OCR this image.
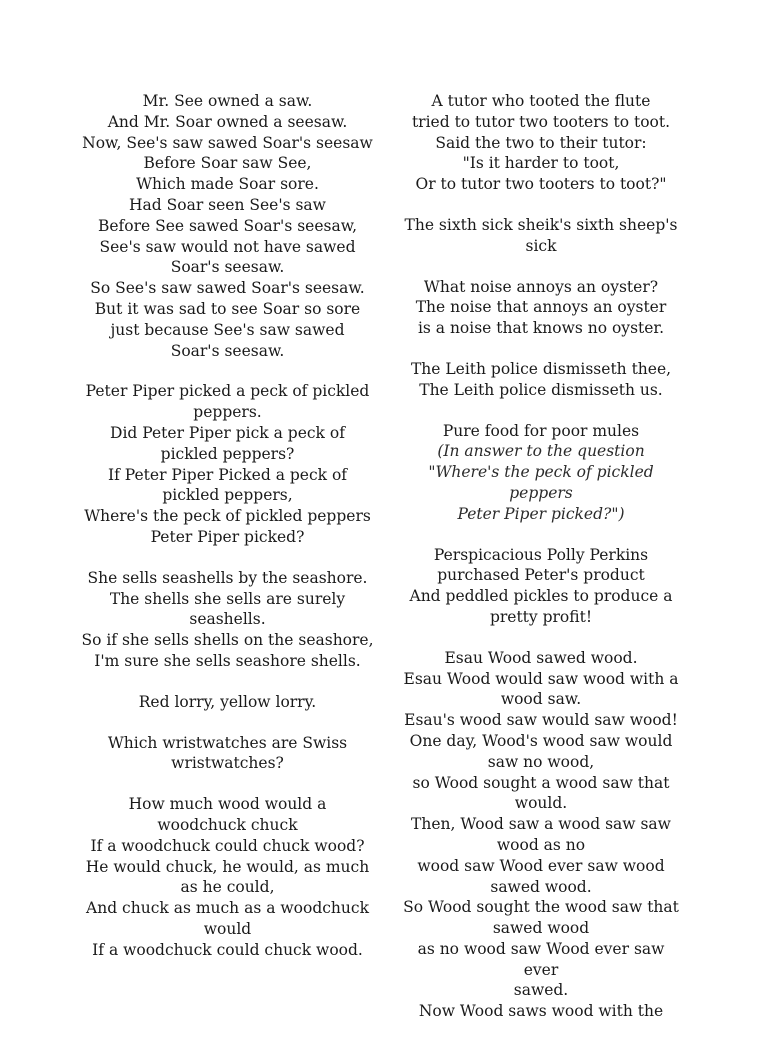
Mr. See owned a saw.
And Mr. Soar owned a seesaw.
Now, See's saw sawed Soar's seesaw
Before Soar saw See,
Which made Soar sore.
Had Soar seen See's saw
Before See sawed Soar's seesaw,
See's saw would not have sawed
Soar's seesaw.
So See's saw sawed Soar's seesaw.
But it was sad to see Soar so sore
just because See's saw sawed
Soar's seesaw.
Peter Piper picked a peck of pickled
peppers.
Did Peter Piper pick a peck of
pickled peppers?
If Peter Piper Picked a peck of
pickled peppers,
Where's the peck of pickled peppers
Peter Piper picked?
She sells seashells by the seashore.
The shells she sells are surely
seashells.
So if she sells shells on the seashore,
I'm sure she sells seashore shells.
Red lorry, yellow lorry.
Which wristwatches are Swiss
wristwatches?
How much wood would a
woodchuck chuck
If a woodchuck could chuck wood?
He would chuck, he would, as much
as he could,
And chuck as much as a woodchuck
would
If a woodchuck could chuck wood.
A tutor who tooted the flute
tried to tutor two tooters to toot.
Said the two to their tutor:
"Is it harder to toot,
Or to tutor two tooters to toot?"
The sixth sick sheik's sixth sheep's
sick
What noise annoys an oyster?
The noise that annoys an oyster
is a noise that knows no oyster.
The Leith police dismisseth thee,
The Leith police dismisseth us.
Pure food for poor mules
(In answer to the question
"Where's the peck of pickled peppers
Peter Piper picked?")
Perspicacious Polly Perkins
purchased Peter's product
And peddled pickles to produce a
pretty profit!
Esau Wood sawed wood.
Esau Wood would saw wood with a
wood saw.
Esau's wood saw would saw wood!
One day, Wood's wood saw would
saw no wood,
so Wood sought a wood saw that
would.
Then, Wood saw a wood saw saw
wood as no
wood saw Wood ever saw wood
sawed wood.
So Wood sought the wood saw that
sawed wood
as no wood saw Wood ever saw ever
sawed.
Now Wood saws wood with the
